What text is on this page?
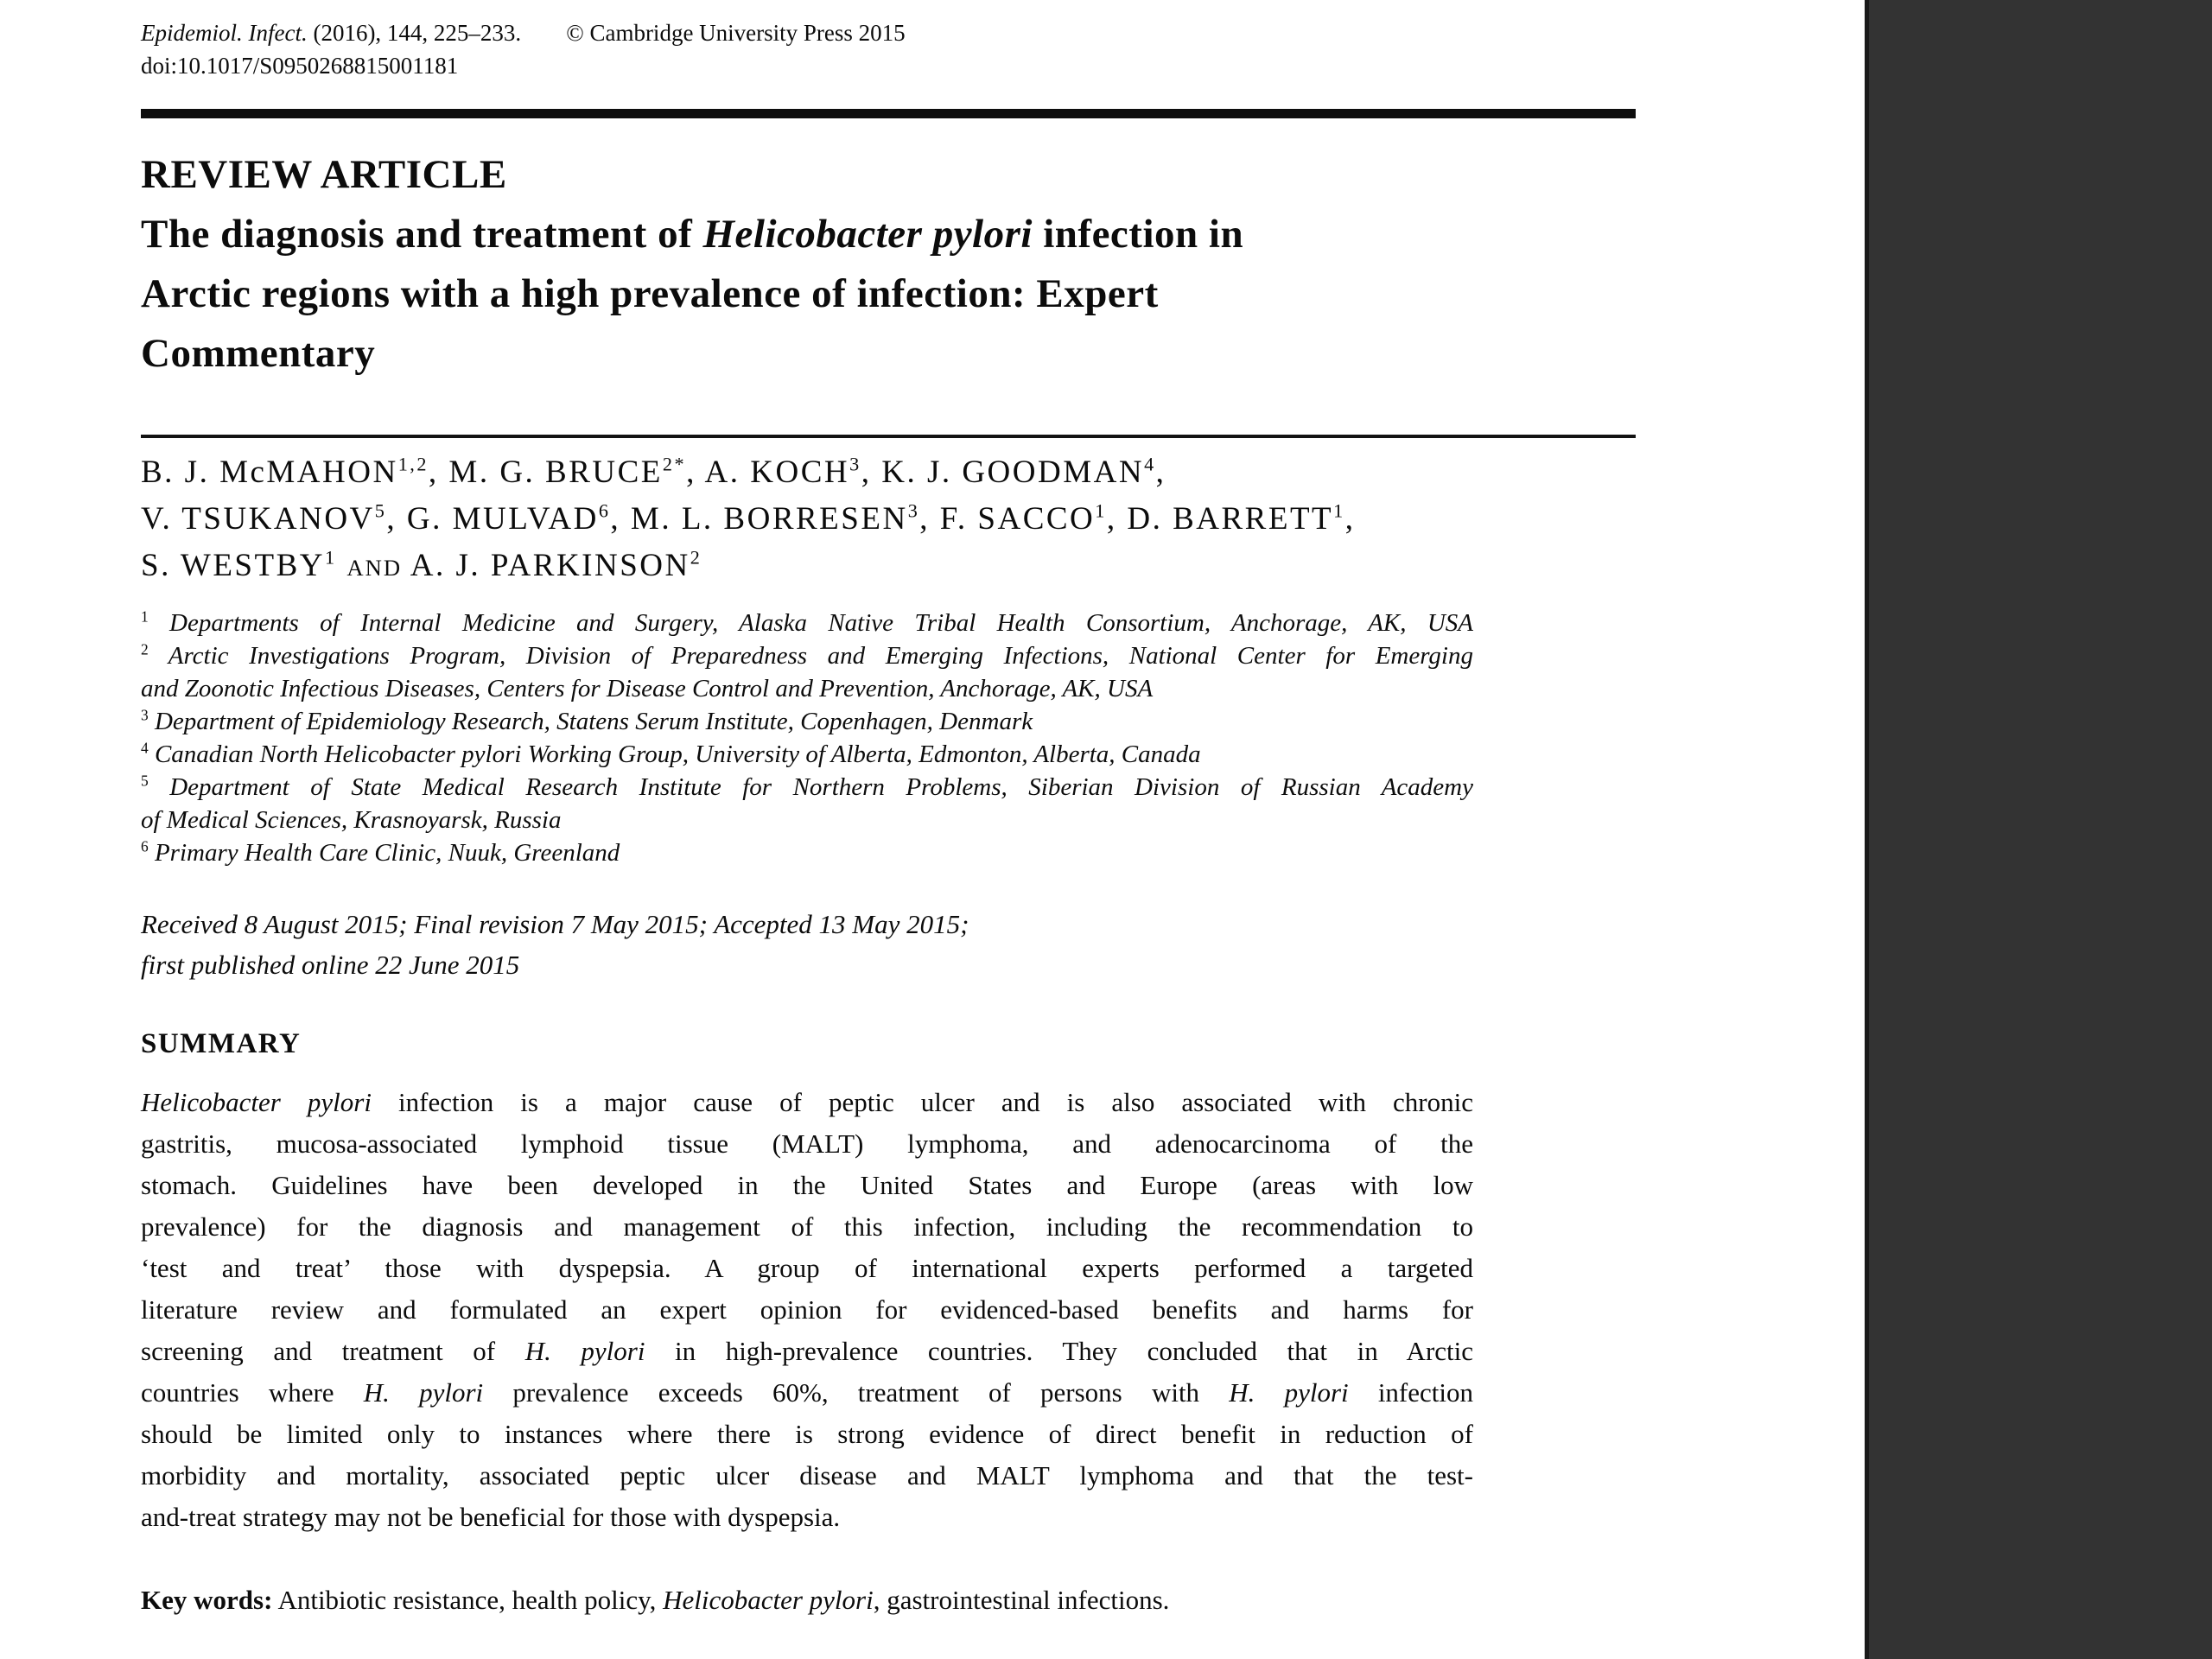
Epidemiol. Infect. (2016), 144, 225–233. © Cambridge University Press 2015
doi:10.1017/S0950268815001181
REVIEW ARTICLE
The diagnosis and treatment of Helicobacter pylori infection in
Arctic regions with a high prevalence of infection: Expert
Commentary
B. J. McMAHON$^{1,2}$, M. G. $BRUCE^{2*}$, A. KOCH$^3$, K. J. GOODMAN$^4$,
V. TSUKANOV$^5$, G. MULVAD$^6$, M. L. BORRESEN$^3$, F. SACCO$^1$, D. BARRETT$^1$,
S. WESTBY$^1$ AND A. J. PARKINSON$^2$
$^1$ Departments of Internal Medicine and Surgery, Alaska Native Tribal Health Consortium, Anchorage, AK, USA
$^2$ Arctic Investigations Program, Division of Preparedness and Emerging Infections, National Center for Emerging
and Zoonotic Infectious Diseases, Centers for Disease Control and Prevention, Anchorage, AK, USA
$^3$ Department of Epidemiology Research, Statens Serum Institute, Copenhagen, Denmark
$^4$ Canadian North Helicobacter pylori Working Group, University of Alberta, Edmonton, Alberta, Canada
$^5$ Department of State Medical Research Institute for Northern Problems, Siberian Division of Russian Academy
of Medical Sciences, Krasnoyarsk, Russia
$^6$ Primary Health Care Clinic, Nuuk, Greenland
Received 8 August 2015; Final revision 7 May 2015; Accepted 13 May 2015;
first published online 22 June 2015
SUMMARY
Helicobacter pylori infection is a major cause of peptic ulcer and is also associated with chronic
gastritis, mucosa-associated lymphoid tissue (MALT) lymphoma, and adenocarcinoma of the
stomach. Guidelines have been developed in the United States and Europe (areas with low
prevalence) for the diagnosis and management of this infection, including the recommendation to
‘test and treat’ those with dyspepsia. A group of international experts performed a targeted
literature review and formulated an expert opinion for evidenced-based benefits and harms for
screening and treatment of H. pylori in high-prevalence countries. They concluded that in Arctic
countries where H. pylori prevalence exceeds 60%, treatment of persons with H. pylori infection
should be limited only to instances where there is strong evidence of direct benefit in reduction of
morbidity and mortality, associated peptic ulcer disease and MALT lymphoma and that the test-
and-treat strategy may not be beneficial for those with dyspepsia.
Key words: Antibiotic resistance, health policy, Helicobacter pylori, gastrointestinal infections.
